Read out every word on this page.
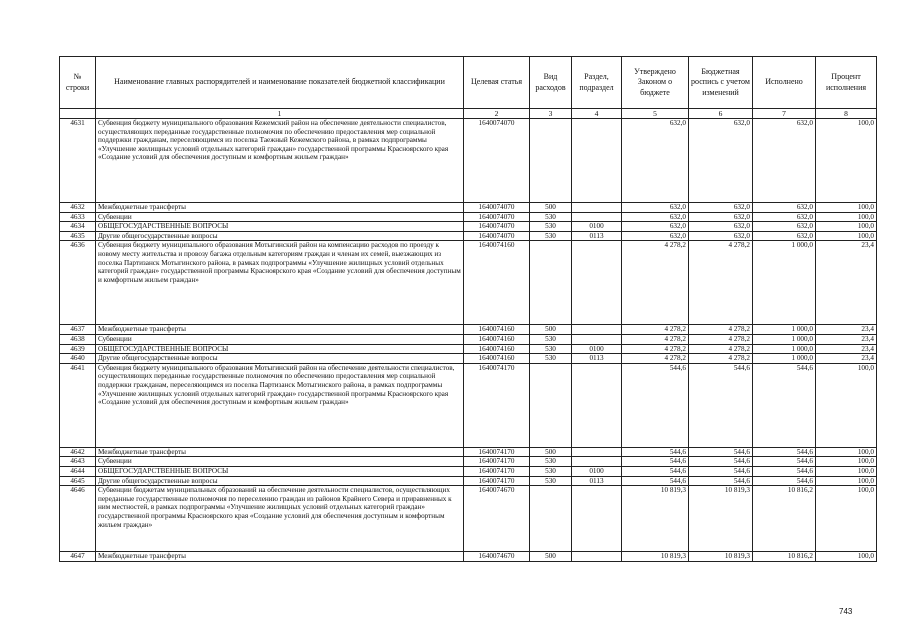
№ строки	Наименование главных распорядителей и наименование показателей бюджетной классификации	Целевая статья	Вид расходов	Раздел, подраздел	Утверждено Законом о бюджете	Бюджетная роспись с учетом изменений	Исполнено	Процент исполнения
	1	2	3	4	5	6	7	8
4631	Субвенция бюджету муниципального образования Кежемский район на обеспечение деятельности специалистов, осуществляющих переданные государственные полномочия по обеспечению предоставления мер социальной поддержки гражданам, переселяющимся из поселка Таежный Кежемского района, в рамках подпрограммы «Улучшение жилищных условий отдельных категорий граждан» государственной программы Красноярского края «Создание условий для обеспечения доступным и комфортным жильем граждан»	1640074070			632,0	632,0	632,0	100,0
4632	Межбюджетные трансферты	1640074070	500		632,0	632,0	632,0	100,0
4633	Субвенции	1640074070	530		632,0	632,0	632,0	100,0
4634	ОБЩЕГОСУДАРСТВЕННЫЕ ВОПРОСЫ	1640074070	530	0100	632,0	632,0	632,0	100,0
4635	Другие общегосударственные вопросы	1640074070	530	0113	632,0	632,0	632,0	100,0
4636	Субвенция бюджету муниципального образования Мотыгинский район на компенсацию расходов по проезду к новому месту жительства и провозу багажа отдельным категориям граждан и членам их семей, выезжающих из поселка Партизанск Мотыгинского района, в рамках подпрограммы «Улучшение жилищных условий отдельных категорий граждан» государственной программы Красноярского края «Создание условий для обеспечения доступным и комфортным жильем граждан»	1640074160			4 278,2	4 278,2	1 000,0	23,4
4637	Межбюджетные трансферты	1640074160	500		4 278,2	4 278,2	1 000,0	23,4
4638	Субвенции	1640074160	530		4 278,2	4 278,2	1 000,0	23,4
4639	ОБЩЕГОСУДАРСТВЕННЫЕ ВОПРОСЫ	1640074160	530	0100	4 278,2	4 278,2	1 000,0	23,4
4640	Другие общегосударственные вопросы	1640074160	530	0113	4 278,2	4 278,2	1 000,0	23,4
4641	Субвенция бюджету муниципального образования Мотыгинский район на обеспечение деятельности специалистов, осуществляющих переданные государственные полномочия по обеспечению предоставления мер социальной поддержки гражданам, переселяющимся из поселка Партизанск Мотыгинского района, в рамках подпрограммы «Улучшение жилищных условий отдельных категорий граждан» государственной программы Красноярского края «Создание условий для обеспечения доступным и комфортным жильем граждан»	1640074170			544,6	544,6	544,6	100,0
4642	Межбюджетные трансферты	1640074170	500		544,6	544,6	544,6	100,0
4643	Субвенции	1640074170	530		544,6	544,6	544,6	100,0
4644	ОБЩЕГОСУДАРСТВЕННЫЕ ВОПРОСЫ	1640074170	530	0100	544,6	544,6	544,6	100,0
4645	Другие общегосударственные вопросы	1640074170	530	0113	544,6	544,6	544,6	100,0
4646	Субвенции бюджетам муниципальных образований на обеспечение деятельности специалистов, осуществляющих переданные государственные полномочия по переселению граждан из районов Крайнего Севера и приравненных к ним местностей, в рамках подпрограммы «Улучшение жилищных условий отдельных категорий граждан» государственной программы Красноярского края «Создание условий для обеспечения доступным и комфортным жильем граждан»	1640074670			10 819,3	10 819,3	10 816,2	100,0
4647	Межбюджетные трансферты	1640074670	500		10 819,3	10 819,3	10 816,2	100,0
743
